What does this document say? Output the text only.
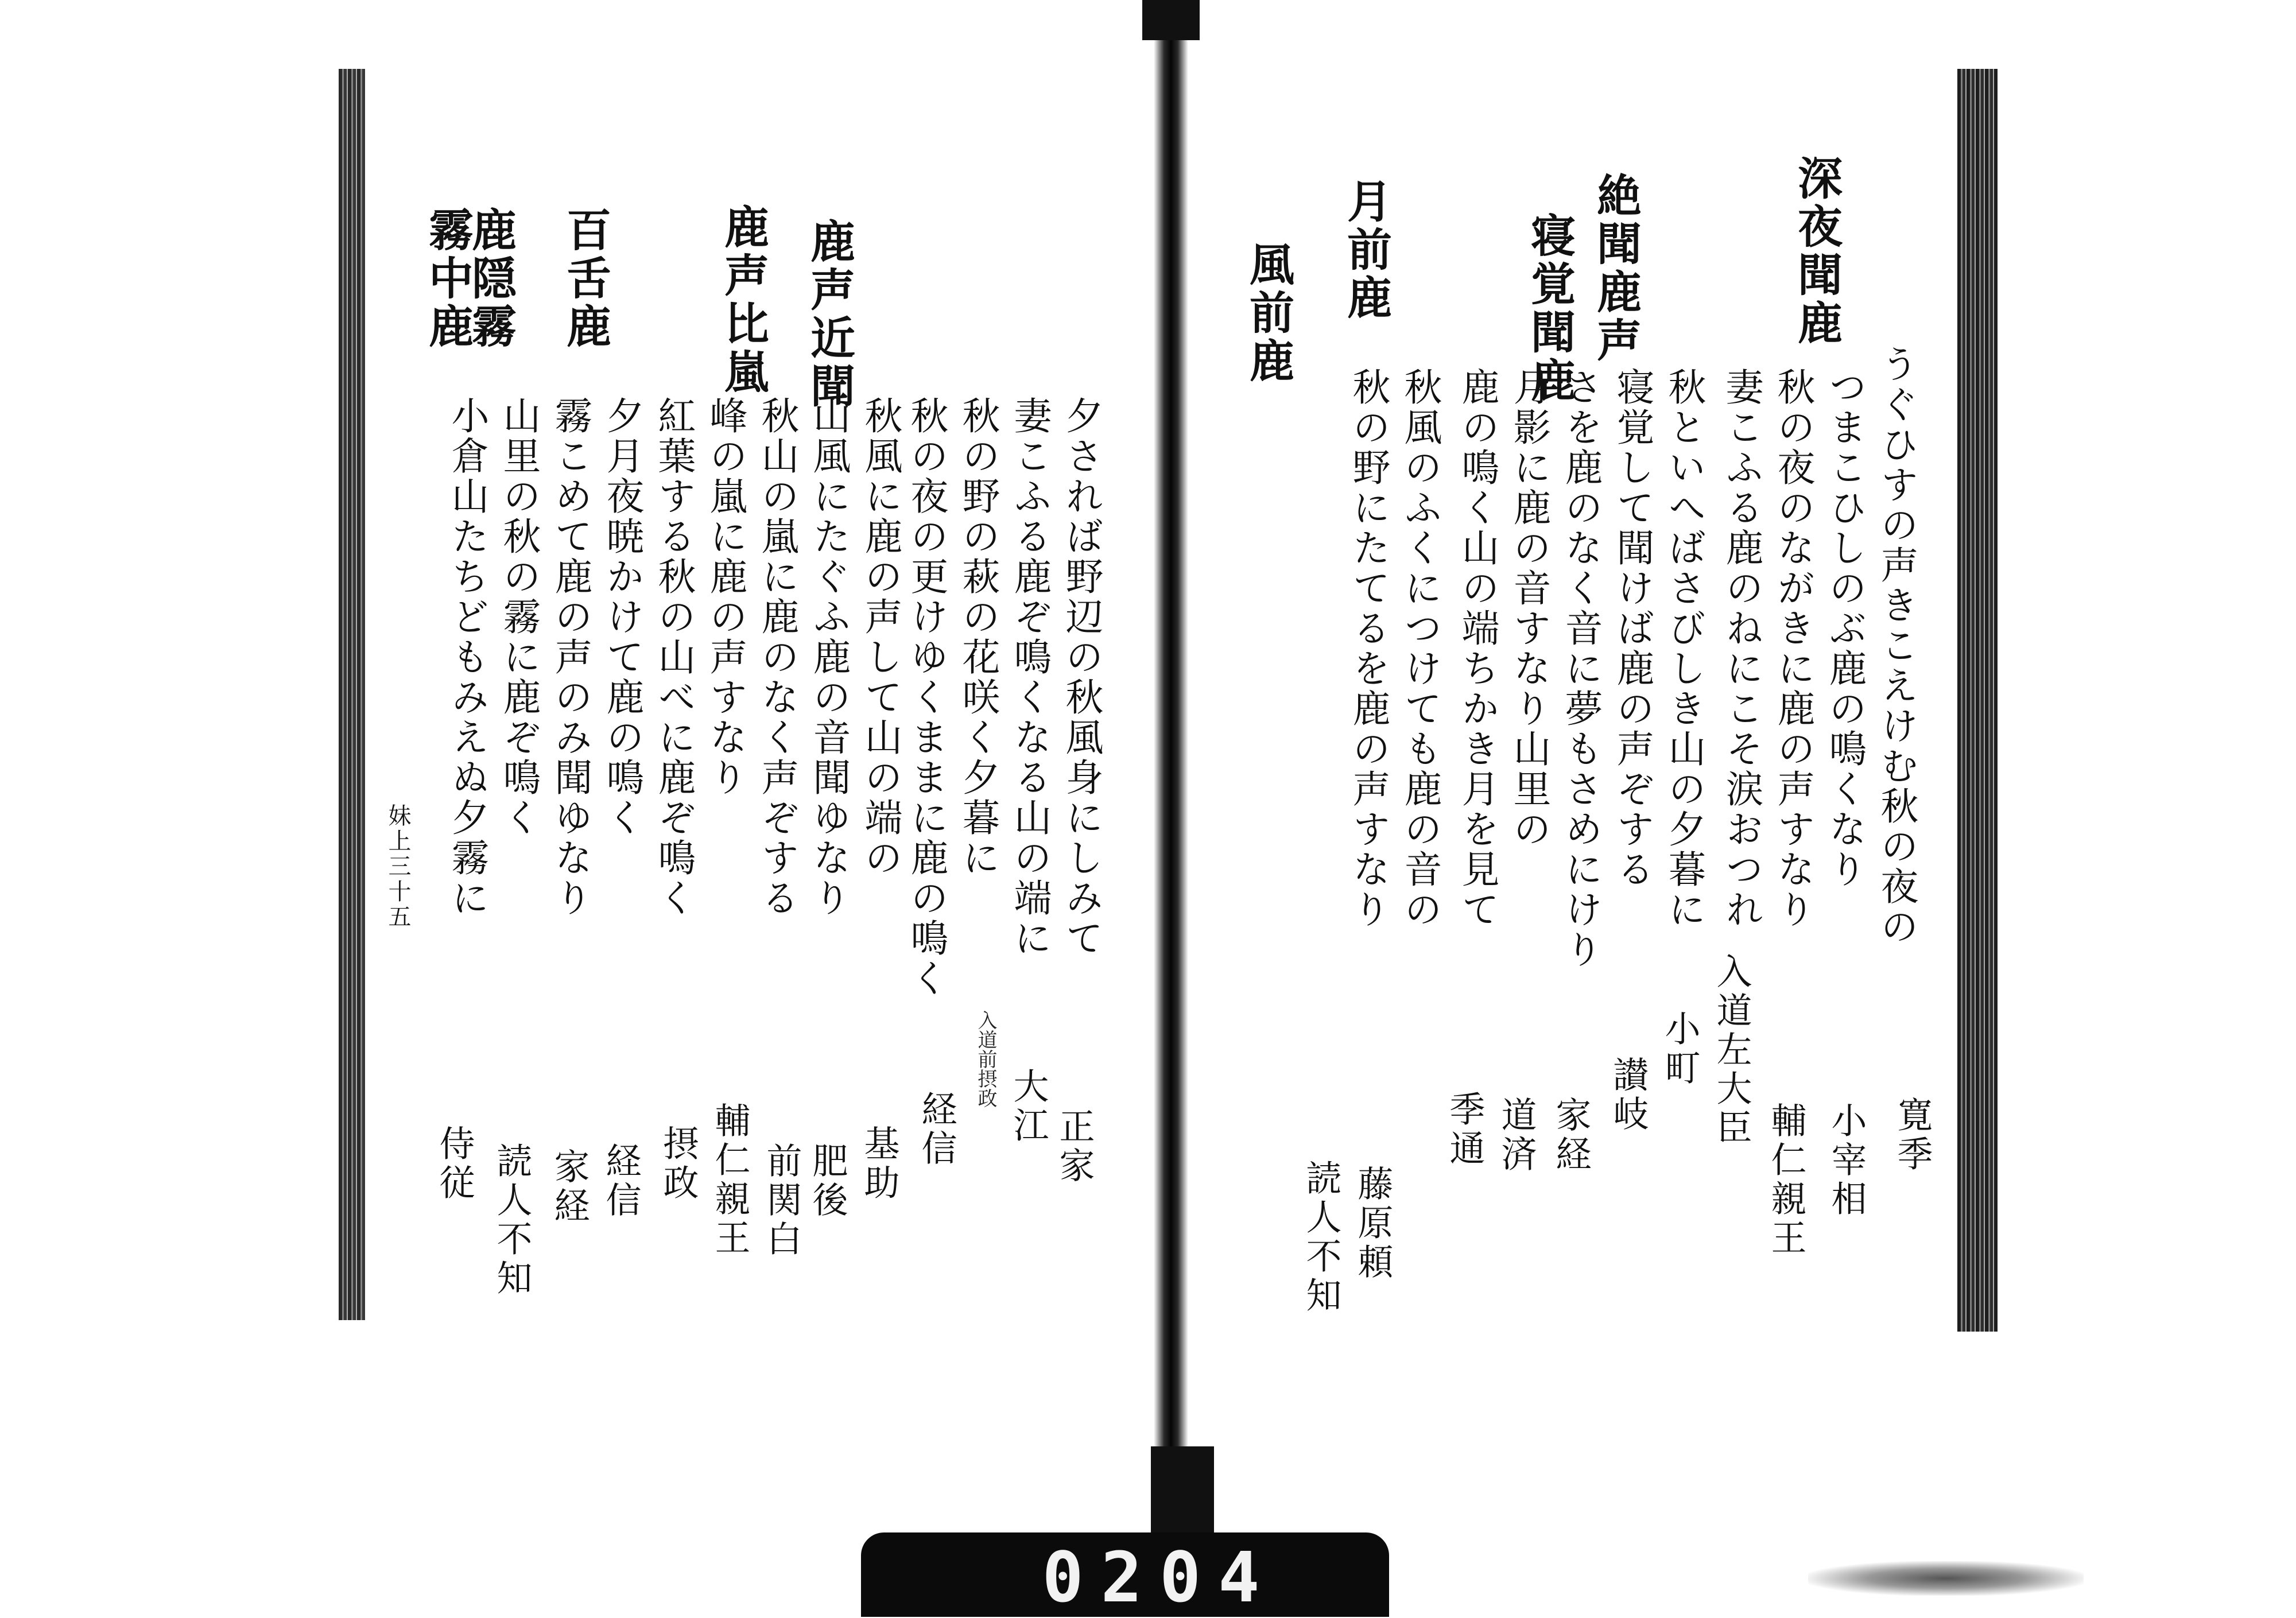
うぐひすの声きこえけむ秋の夜の
深夜聞鹿
寛季
つまこひしのぶ鹿の鳴くなり
小宰相
秋の夜のながきに鹿の声すなり
輔仁親王
絶聞鹿声
妻こふる鹿のねにこそ涙おつれ
入道左大臣
秋といへばさびしき山の夕暮に
小町
寝覚聞鹿
寝覚して聞けば鹿の声ぞする
讃岐
さを鹿のなく音に夢もさめにけり
家経
月前鹿
月影に鹿の音すなり山里の
道済
鹿の鳴く山の端ちかき月を見て
季通
風前鹿
秋風のふくにつけても鹿の音の
藤原頼
秋の野にたてるを鹿の声すなり
読人不知
夕されば野辺の秋風身にしみて
正家
妻こふる鹿ぞ鳴くなる山の端に
大江
秋の野の萩の花咲く夕暮に
入道前摂政
鹿声近聞
秋の夜の更けゆくままに鹿の鳴く
経信
秋風に鹿の声して山の端の
基助
鹿声比嵐
山風にたぐふ鹿の音聞ゆなり
肥後
秋山の嵐に鹿のなく声ぞする
前関白
峰の嵐に鹿の声すなり
輔仁親王
百舌鹿
紅葉する秋の山べに鹿ぞ鳴く
摂政
夕月夜暁かけて鹿の鳴く
経信
鹿隠霧
霧こめて鹿の声のみ聞ゆなり
家経
霧中鹿
山里の秋の霧に鹿ぞ鳴く
読人不知
小倉山たちどもみえぬ夕霧に
侍従
妹上三十五
0204
